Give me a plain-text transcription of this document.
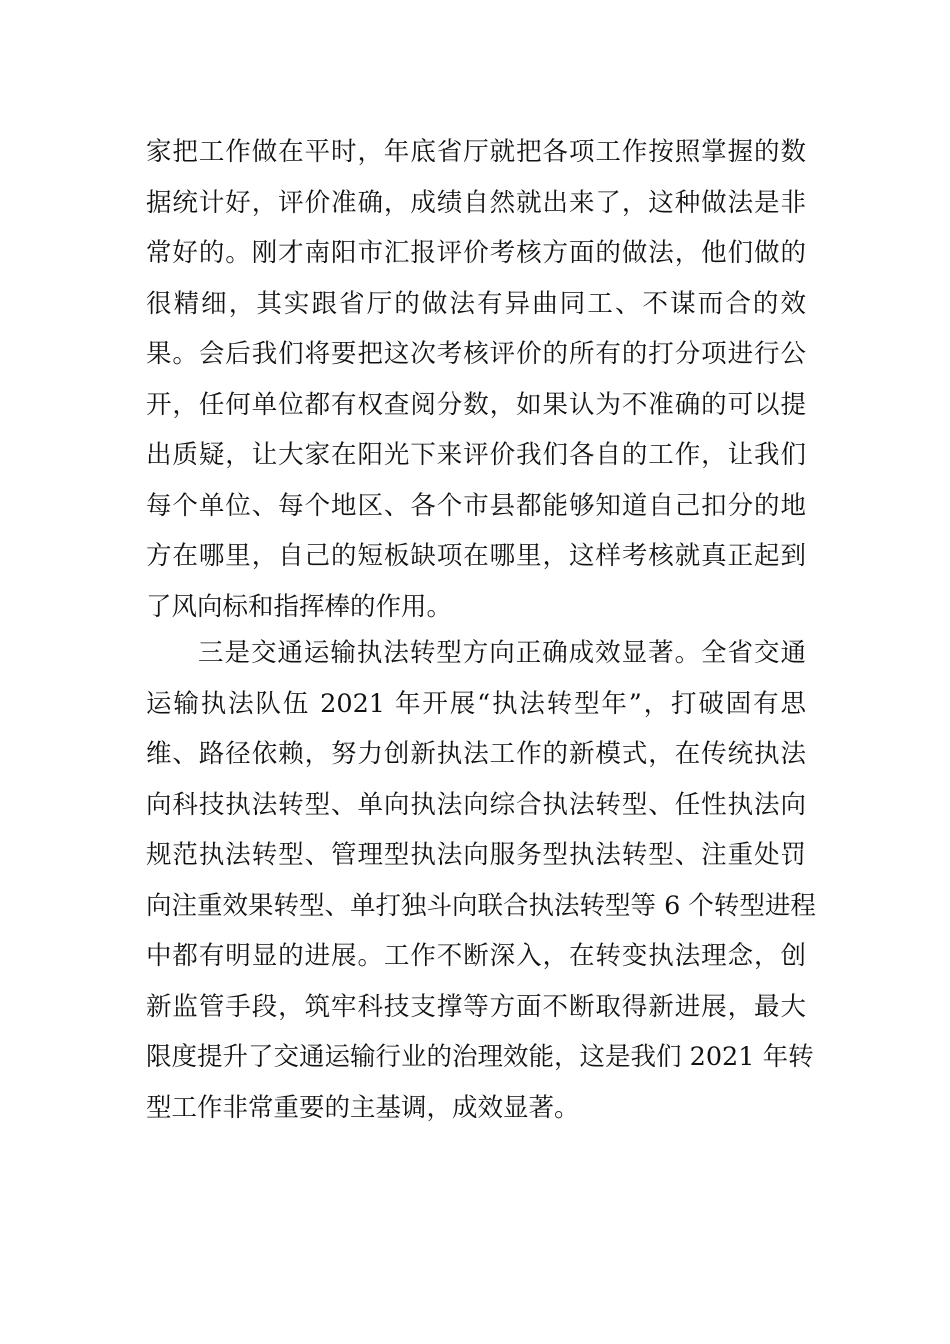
家把工作做在平时，年底省厅就把各项工作按照掌握的数
据统计好，评价准确，成绩自然就出来了，这种做法是非
常好的。刚才南阳市汇报评价考核方面的做法，他们做的
很精细，其实跟省厅的做法有异曲同工、不谋而合的效
果。会后我们将要把这次考核评价的所有的打分项进行公
开，任何单位都有权查阅分数，如果认为不准确的可以提
出质疑，让大家在阳光下来评价我们各自的工作，让我们
每个单位、每个地区、各个市县都能够知道自己扣分的地
方在哪里，自己的短板缺项在哪里，这样考核就真正起到
了风向标和指挥棒的作用。
三是交通运输执法转型方向正确成效显著。全省交通
运输执法队伍 2021 年开展“执法转型年”，打破固有思
维、路径依赖，努力创新执法工作的新模式，在传统执法
向科技执法转型、单向执法向综合执法转型、任性执法向
规范执法转型、管理型执法向服务型执法转型、注重处罚
向注重效果转型、单打独斗向联合执法转型等 6 个转型进程
中都有明显的进展。工作不断深入，在转变执法理念，创
新监管手段，筑牢科技支撑等方面不断取得新进展，最大
限度提升了交通运输行业的治理效能，这是我们 2021 年转
型工作非常重要的主基调，成效显著。
